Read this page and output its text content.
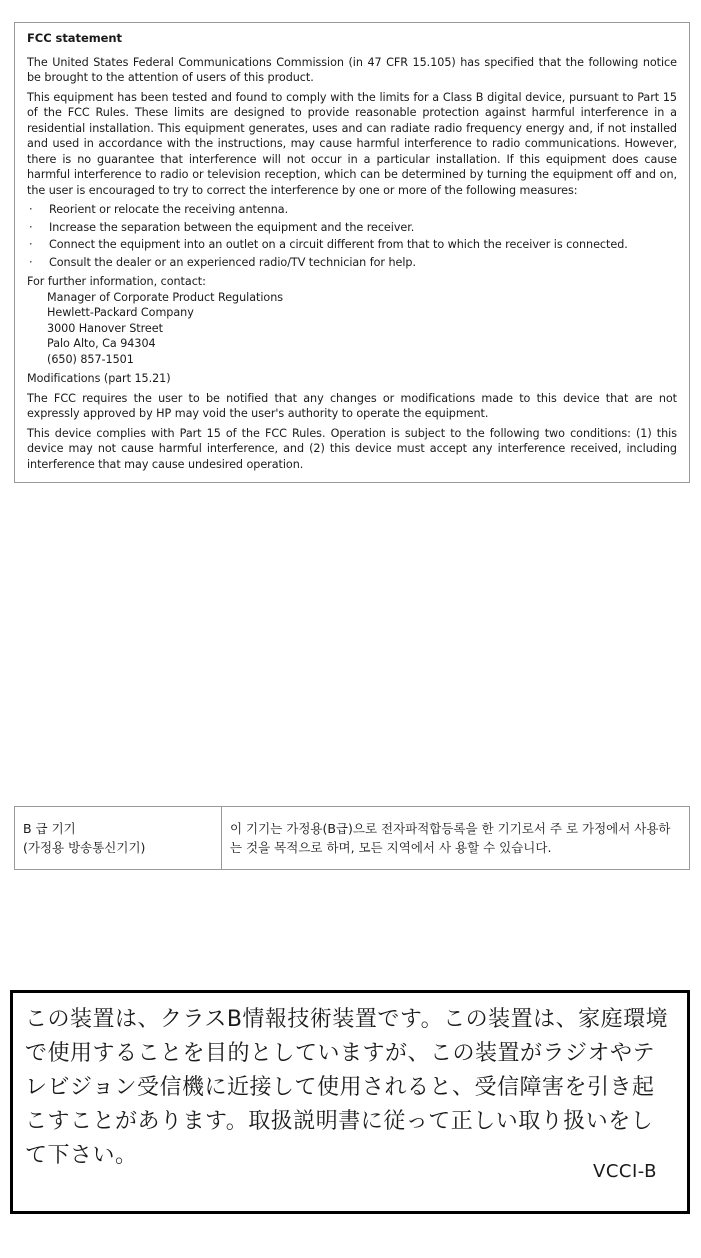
FCC statement

The United States Federal Communications Commission (in 47 CFR 15.105) has specified that the following notice be brought to the attention of users of this product.

This equipment has been tested and found to comply with the limits for a Class B digital device, pursuant to Part 15 of the FCC Rules. These limits are designed to provide reasonable protection against harmful interference in a residential installation. This equipment generates, uses and can radiate radio frequency energy and, if not installed and used in accordance with the instructions, may cause harmful interference to radio communications. However, there is no guarantee that interference will not occur in a particular installation. If this equipment does cause harmful interference to radio or television reception, which can be determined by turning the equipment off and on, the user is encouraged to try to correct the interference by one or more of the following measures:

· Reorient or relocate the receiving antenna.
· Increase the separation between the equipment and the receiver.
· Connect the equipment into an outlet on a circuit different from that to which the receiver is connected.
· Consult the dealer or an experienced radio/TV technician for help.
For further information, contact:
Manager of Corporate Product Regulations
Hewlett-Packard Company
3000 Hanover Street
Palo Alto, Ca 94304
(650) 857-1501

Modifications (part 15.21)

The FCC requires the user to be notified that any changes or modifications made to this device that are not expressly approved by HP may void the user's authority to operate the equipment.

This device complies with Part 15 of the FCC Rules. Operation is subject to the following two conditions: (1) this device may not cause harmful interference, and (2) this device must accept any interference received, including interference that may cause undesired operation.

B 급 기기
(가정용 방송통신기기)
	이 기기는 가정용(B급)으로 전자파적합등록을 한 기기로서 주 로 가정에서 사용하는 것을 목적으로 하며, 모든 지역에서 사 용할 수 있습니다.
この装置は、クラスB情報技術装置です。この装置は、家庭環境で使用することを目的としていますが、この装置がラジオやテレビジョン受信機に近接して使用されると、受信障害を引き起こすことがあります。取扱説明書に従って正しい取り扱いをして下さい。
VCCI-B
